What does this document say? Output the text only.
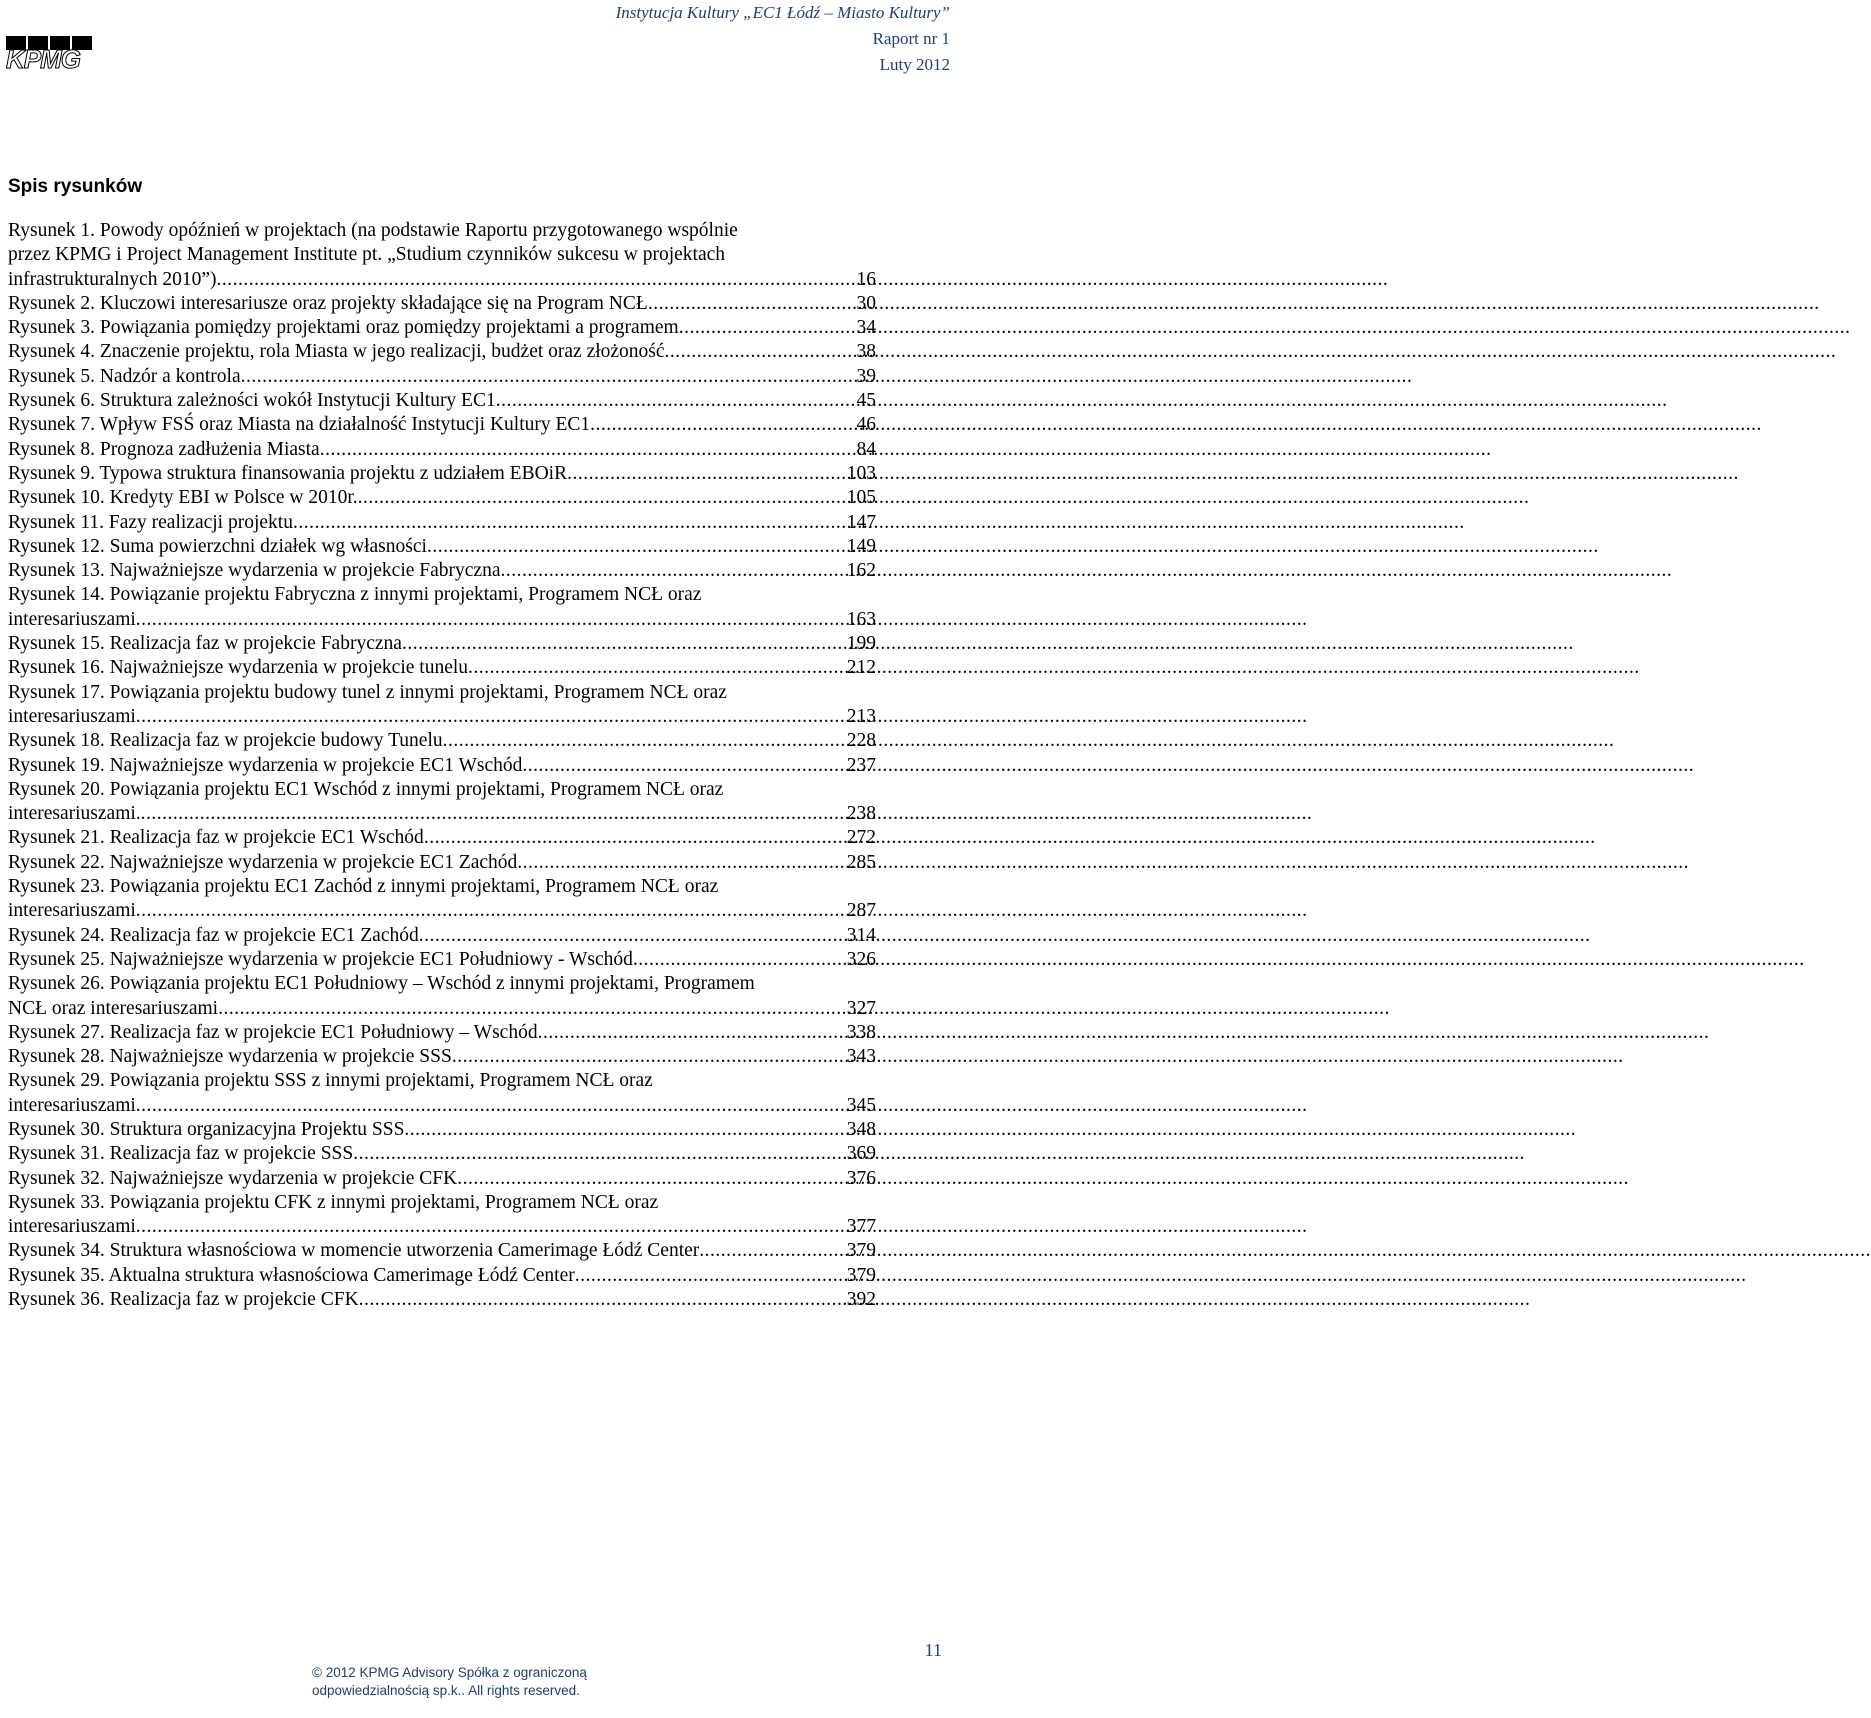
Instytucja Kultury „EC1 Łódź – Miasto Kultury”
Raport nr 1
Luty 2012
KPMG
Spis rysunków
Rysunek 1. Powody opóźnień w projektach (na podstawie Raportu przygotowanego wspólnie
przez KPMG i Project Management Institute pt. „Studium czynników sukcesu w projektach
infrastrukturalnych 2010”) .....	16
Rysunek 2. Kluczowi interesariusze oraz projekty składające się na Program NCŁ .....	30
Rysunek 3. Powiązania pomiędzy projektami oraz pomiędzy projektami a programem .....	34
Rysunek 4. Znaczenie projektu, rola Miasta w jego realizacji, budżet oraz złożoność .....	38
Rysunek 5. Nadzór a kontrola .....	39
Rysunek 6. Struktura zależności wokół Instytucji Kultury EC1 .....	45
Rysunek 7. Wpływ FSŚ oraz Miasta na działalność Instytucji Kultury EC1 .....	46
Rysunek 8. Prognoza zadłużenia Miasta .....	84
Rysunek 9. Typowa struktura finansowania projektu z udziałem EBOiR .....	103
Rysunek 10. Kredyty EBI w Polsce w 2010r. .....	105
Rysunek 11. Fazy realizacji projektu .....	147
Rysunek 12. Suma powierzchni działek wg własności .....	149
Rysunek 13. Najważniejsze wydarzenia w projekcie Fabryczna .....	162
Rysunek 14. Powiązanie projektu Fabryczna z innymi projektami, Programem NCŁ oraz
interesariuszami .....	163
Rysunek 15. Realizacja faz w projekcie Fabryczna .....	199
Rysunek 16. Najważniejsze wydarzenia w projekcie tunelu .....	212
Rysunek 17. Powiązania projektu budowy tunel z innymi projektami, Programem NCŁ oraz
interesariuszami .....	213
Rysunek 18. Realizacja faz w projekcie budowy Tunelu .....	228
Rysunek 19. Najważniejsze wydarzenia w projekcie EC1 Wschód .....	237
Rysunek 20. Powiązania projektu EC1 Wschód z innymi projektami, Programem NCŁ oraz
interesariuszami. .....	238
Rysunek 21. Realizacja faz w projekcie EC1 Wschód .....	272
Rysunek 22. Najważniejsze wydarzenia w projekcie EC1 Zachód .....	285
Rysunek 23. Powiązania projektu EC1 Zachód z innymi projektami, Programem NCŁ oraz
interesariuszami .....	287
Rysunek 24. Realizacja faz w projekcie EC1 Zachód .....	314
Rysunek 25. Najważniejsze wydarzenia w projekcie EC1 Południowy - Wschód .....	326
Rysunek 26. Powiązania projektu EC1 Południowy – Wschód z innymi projektami, Programem
NCŁ oraz interesariuszami .....	327
Rysunek 27. Realizacja faz w projekcie EC1 Południowy – Wschód .....	338
Rysunek 28. Najważniejsze wydarzenia w projekcie SSS .....	343
Rysunek 29. Powiązania projektu SSS z innymi projektami, Programem NCŁ oraz
interesariuszami .....	345
Rysunek 30. Struktura organizacyjna Projektu SSS .....	348
Rysunek 31. Realizacja faz w projekcie SSS .....	369
Rysunek 32. Najważniejsze wydarzenia w projekcie CFK .....	376
Rysunek 33. Powiązania projektu CFK z innymi projektami, Programem NCŁ oraz
interesariuszami .....	377
Rysunek 34. Struktura własnościowa w momencie utworzenia Camerimage Łódź Center .....	379
Rysunek 35. Aktualna struktura własnościowa Camerimage Łódź Center .....	379
Rysunek 36. Realizacja faz w projekcie CFK .....	392
© 2012 KPMG Advisory Spółka z ograniczoną
odpowiedzialnością sp.k.. All rights reserved.
11
